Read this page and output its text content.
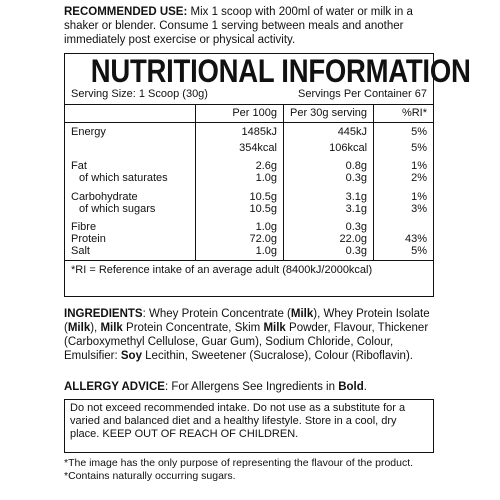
RECOMMENDED USE: Mix 1 scoop with 200ml of water or milk in a shaker or blender. Consume 1 serving between meals and another immediately post exercise or physical activity.

NUTRITIONAL INFORMATION
Serving Size: 1 Scoop (30g)	Servings Per Container 67
	Per 100g	Per 30g serving	%RI*
Energy	1485kJ	445kJ	5%
	354kcal	106kcal	5%

Fat	2.6g	0.8g	1%
of which saturates	1.0g	0.3g	2%

Carbohydrate	10.5g	3.1g	1%
of which sugars	10.5g	3.1g	3%

Fibre	1.0g	0.3g	
Protein	72.0g	22.0g	43%
Salt	1.0g	0.3g	5%
*RI = Reference intake of an average adult (8400kJ/2000kcal)

INGREDIENTS: Whey Protein Concentrate (Milk), Whey Protein Isolate (Milk), Milk Protein Concentrate, Skim Milk Powder, Flavour, Thickener (Carboxymethyl Cellulose, Guar Gum), Sodium Chloride, Colour, Emulsifier: Soy Lecithin, Sweetener (Sucralose), Colour (Riboflavin).

ALLERGY ADVICE: For Allergens See Ingredients in Bold.

Do not exceed recommended intake. Do not use as a substitute for a varied and balanced diet and a healthy lifestyle. Store in a cool, dry place. KEEP OUT OF REACH OF CHILDREN.
*The image has the only purpose of representing the flavour of the product.
*Contains naturally occurring sugars.
